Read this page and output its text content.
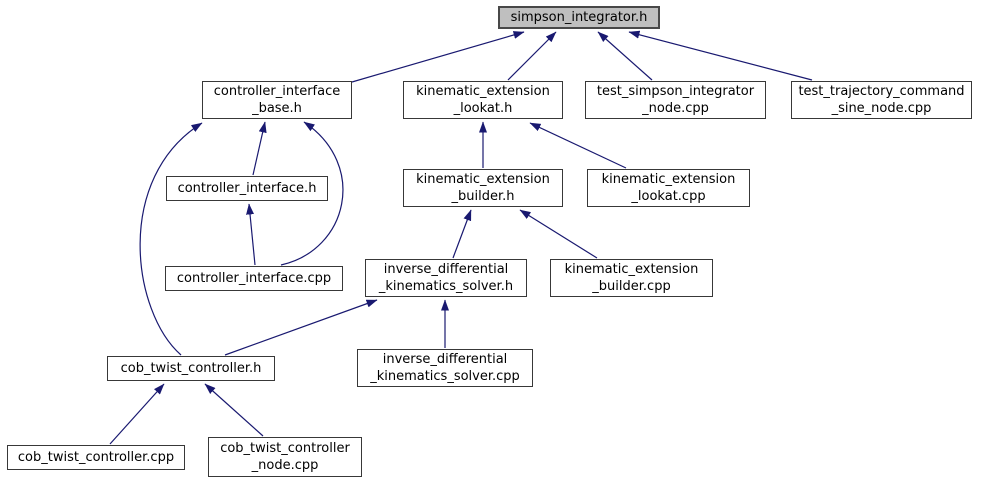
simpson_integrator.h
controller_interface
_base.h
kinematic_extension
_lookat.h
test_simpson_integrator
_node.cpp
test_trajectory_command
_sine_node.cpp
controller_interface.h
kinematic_extension
_builder.h
kinematic_extension
_lookat.cpp
controller_interface.cpp
inverse_differential
_kinematics_solver.h
kinematic_extension
_builder.cpp
cob_twist_controller.h
inverse_differential
_kinematics_solver.cpp
cob_twist_controller.cpp
cob_twist_controller
_node.cpp
